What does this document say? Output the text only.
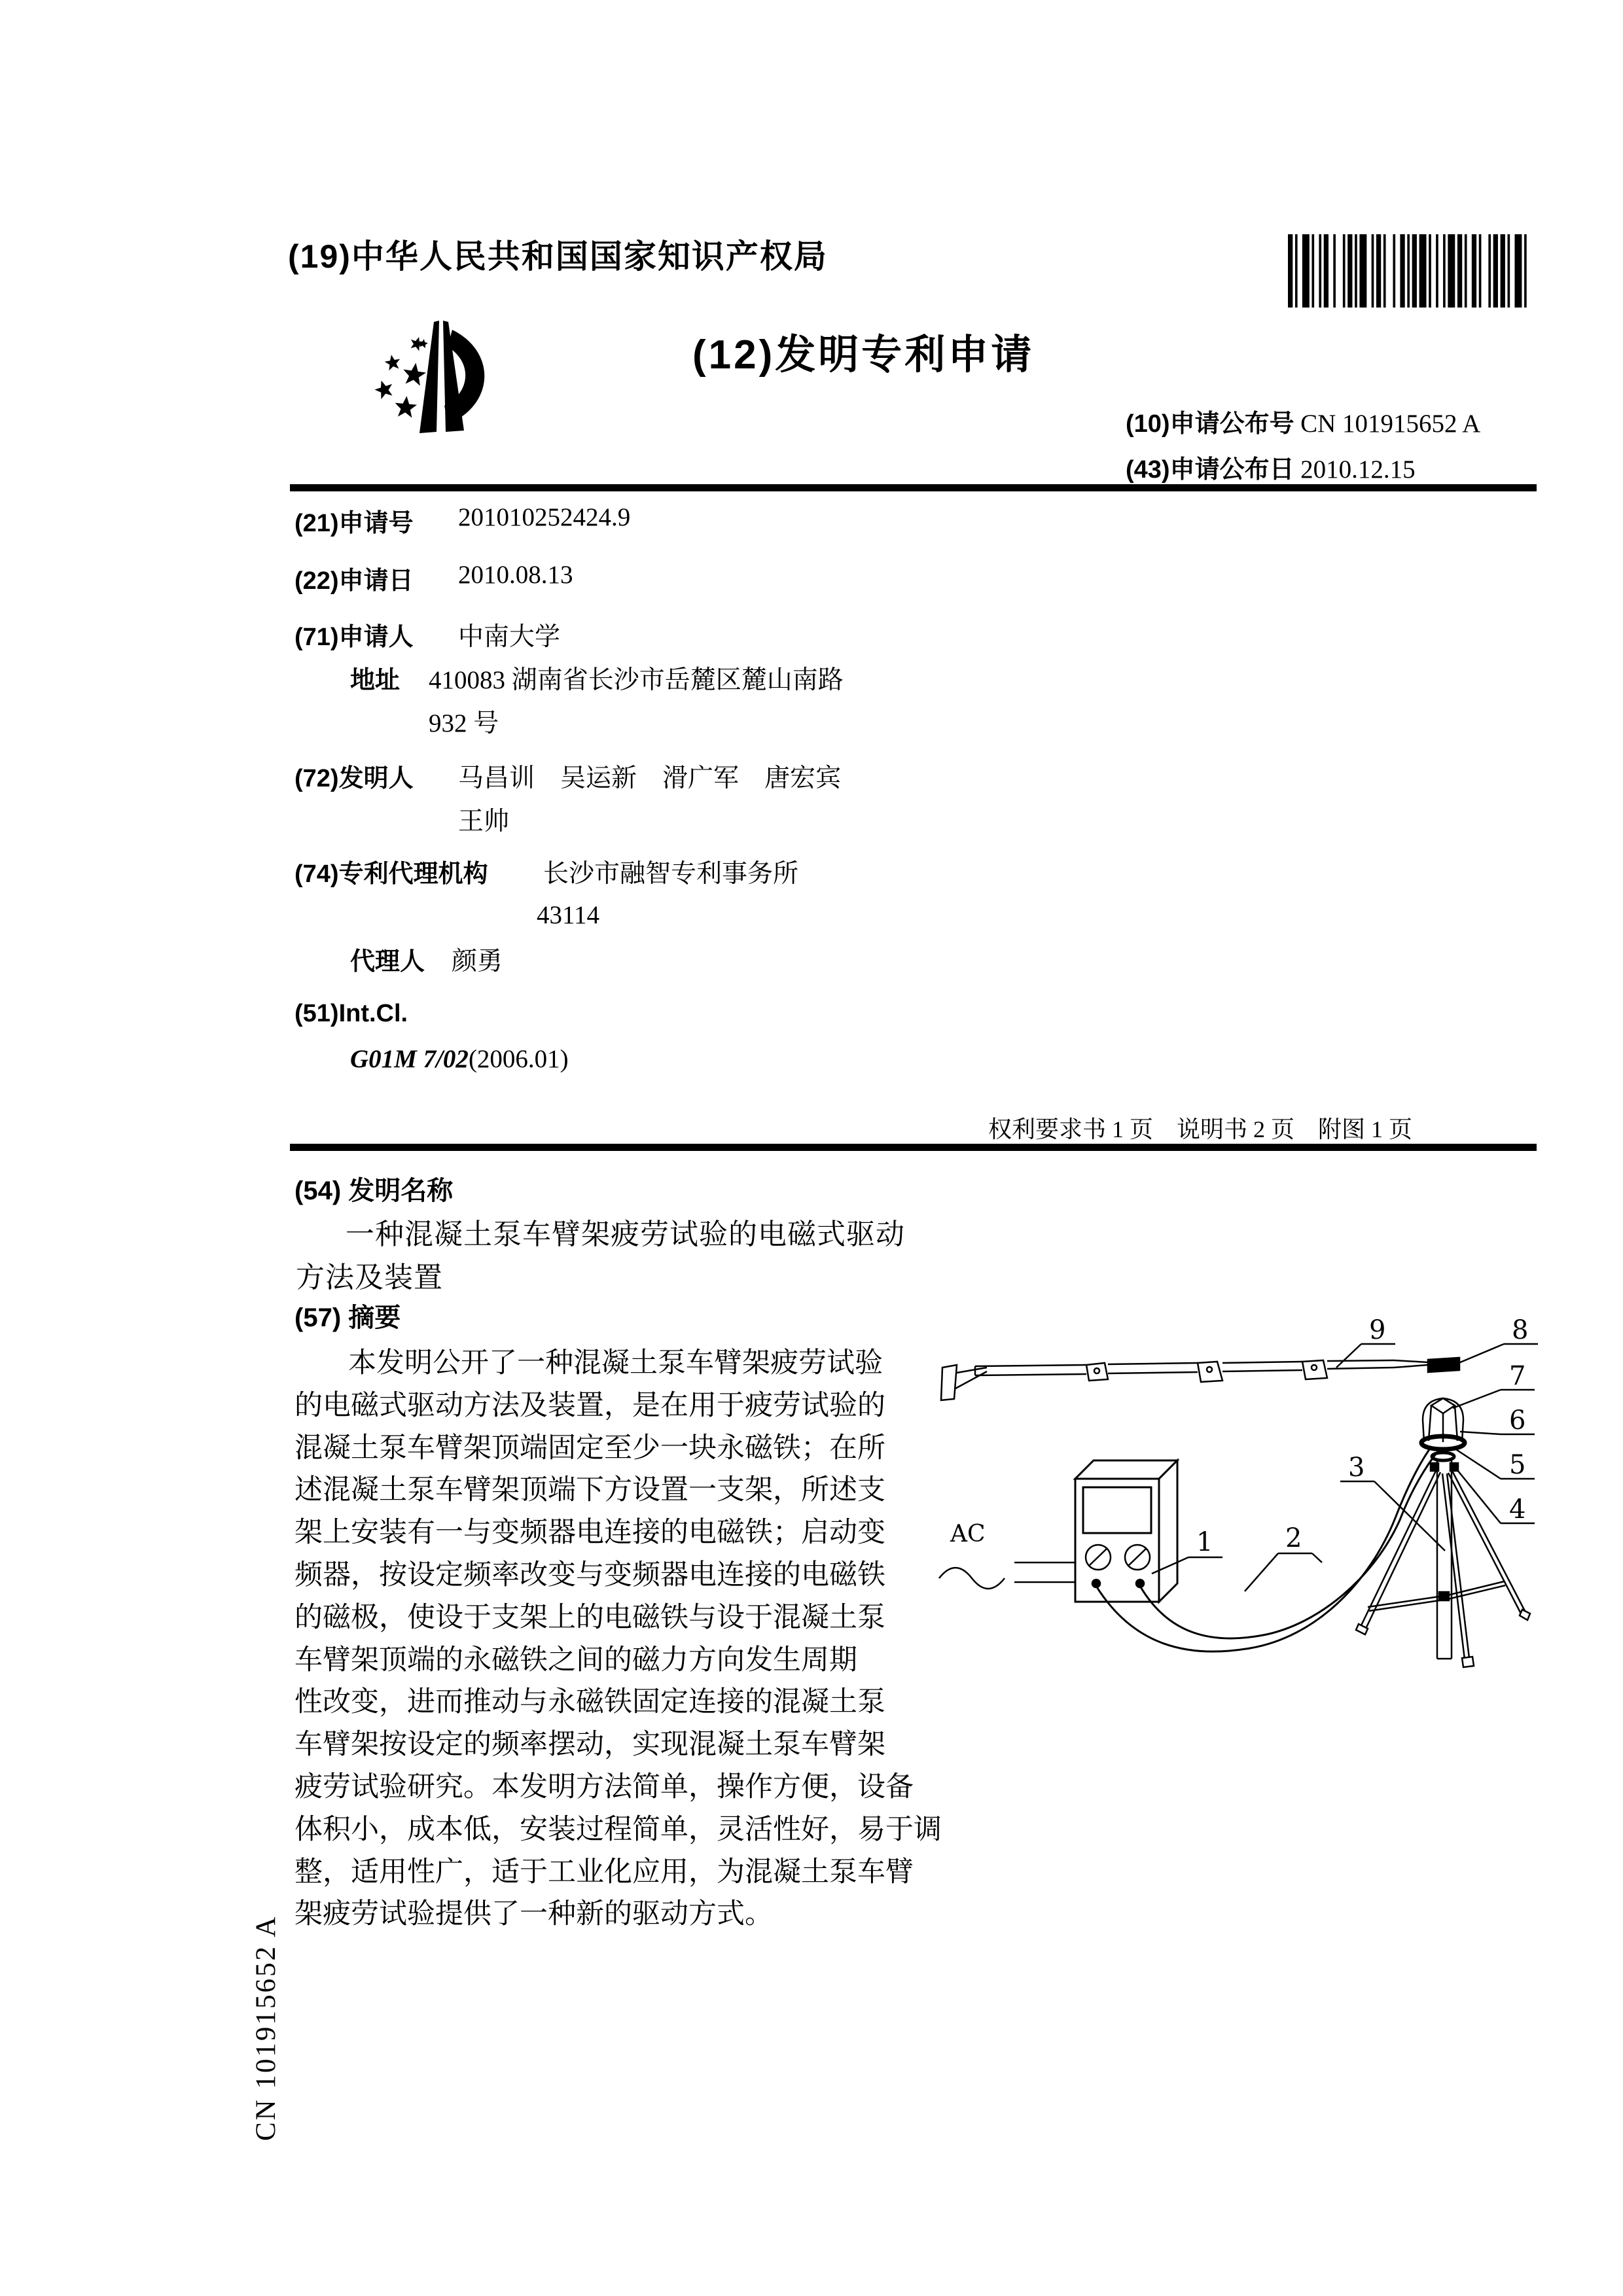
(19)中华人民共和国国家知识产权局
(12)发明专利申请
(10)申请公布号 CN 101915652 A
(43)申请公布日 2010.12.15
(21)申请号 201010252424.9
(22)申请日 2010.08.13
(71)申请人 中南大学
地址 410083 湖南省长沙市岳麓区麓山南路
932 号
(72)发明人 马昌训　吴运新　滑广军　唐宏宾
王帅
(74)专利代理机构 长沙市融智专利事务所
43114
代理人 颜勇
(51)Int.Cl.
G01M 7/02(2006.01)
权利要求书 1 页　说明书 2 页　附图 1 页
(54) 发明名称
一种混凝土泵车臂架疲劳试验的电磁式驱动
方法及装置
(57) 摘要
本发明公开了一种混凝土泵车臂架疲劳试验
的电磁式驱动方法及装置，是在用于疲劳试验的
混凝土泵车臂架顶端固定至少一块永磁铁；在所
述混凝土泵车臂架顶端下方设置一支架，所述支
架上安装有一与变频器电连接的电磁铁；启动变
频器，按设定频率改变与变频器电连接的电磁铁
的磁极，使设于支架上的电磁铁与设于混凝土泵
车臂架顶端的永磁铁之间的磁力方向发生周期
性改变，进而推动与永磁铁固定连接的混凝土泵
车臂架按设定的频率摆动，实现混凝土泵车臂架
疲劳试验研究。本发明方法简单，操作方便，设备
体积小，成本低，安装过程简单，灵活性好，易于调
整，适用性广，适于工业化应用，为混凝土泵车臂
架疲劳试验提供了一种新的驱动方式。
AC	1	2
3
4
5
6
7
8
9
CN 101915652 A
